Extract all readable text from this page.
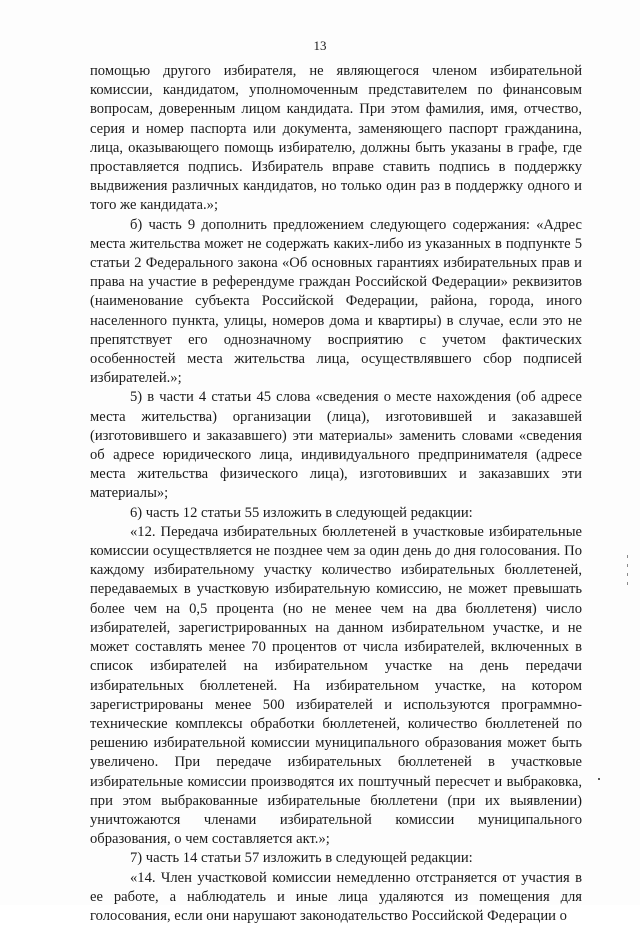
13

помощью другого избирателя, не являющегося членом избирательной комиссии, кандидатом, уполномоченным представителем по финансовым вопросам, доверенным лицом кандидата. При этом фамилия, имя, отчество, серия и номер паспорта или документа, заменяющего паспорт гражданина, лица, оказывающего помощь избирателю, должны быть указаны в графе, где проставляется подпись. Избиратель вправе ставить подпись в поддержку выдвижения различных кандидатов, но только один раз в поддержку одного и того же кандидата.»;

б) часть 9 дополнить предложением следующего содержания: «Адрес места жительства может не содержать каких-либо из указанных в подпункте 5 статьи 2 Федерального закона «Об основных гарантиях избирательных прав и права на участие в референдуме граждан Российской Федерации» реквизитов (наименование субъекта Российской Федерации, района, города, иного населенного пункта, улицы, номеров дома и квартиры) в случае, если это не препятствует его однозначному восприятию с учетом фактических особенностей места жительства лица, осуществлявшего сбор подписей избирателей.»;

5) в части 4 статьи 45 слова «сведения о месте нахождения (об адресе места жительства) организации (лица), изготовившей и заказавшей (изготовившего и заказавшего) эти материалы» заменить словами «сведения об адресе юридического лица, индивидуального предпринимателя (адресе места жительства физического лица), изготовивших и заказавших эти материалы»;

6) часть 12 статьи 55 изложить в следующей редакции:

«12. Передача избирательных бюллетеней в участковые избирательные комиссии осуществляется не позднее чем за один день до дня голосования. По каждому избирательному участку количество избирательных бюллетеней, передаваемых в участковую избирательную комиссию, не может превышать более чем на 0,5 процента (но не менее чем на два бюллетеня) число избирателей, зарегистрированных на данном избирательном участке, и не может составлять менее 70 процентов от числа избирателей, включенных в список избирателей на избирательном участке на день передачи избирательных бюллетеней. На избирательном участке, на котором зарегистрированы менее 500 избирателей и используются программно-технические комплексы обработки бюллетеней, количество бюллетеней по решению избирательной комиссии муниципального образования может быть увеличено. При передаче избирательных бюллетеней в участковые избирательные комиссии производятся их поштучный пересчет и выбраковка, при этом выбракованные избирательные бюллетени (при их выявлении) уничтожаются членами избирательной комиссии муниципального образования, о чем составляется акт.»;

7) часть 14 статьи 57 изложить в следующей редакции:

«14. Член участковой комиссии немедленно отстраняется от участия в ее работе, а наблюдатель и иные лица удаляются из помещения для голосования, если они нарушают законодательство Российской Федерации о
